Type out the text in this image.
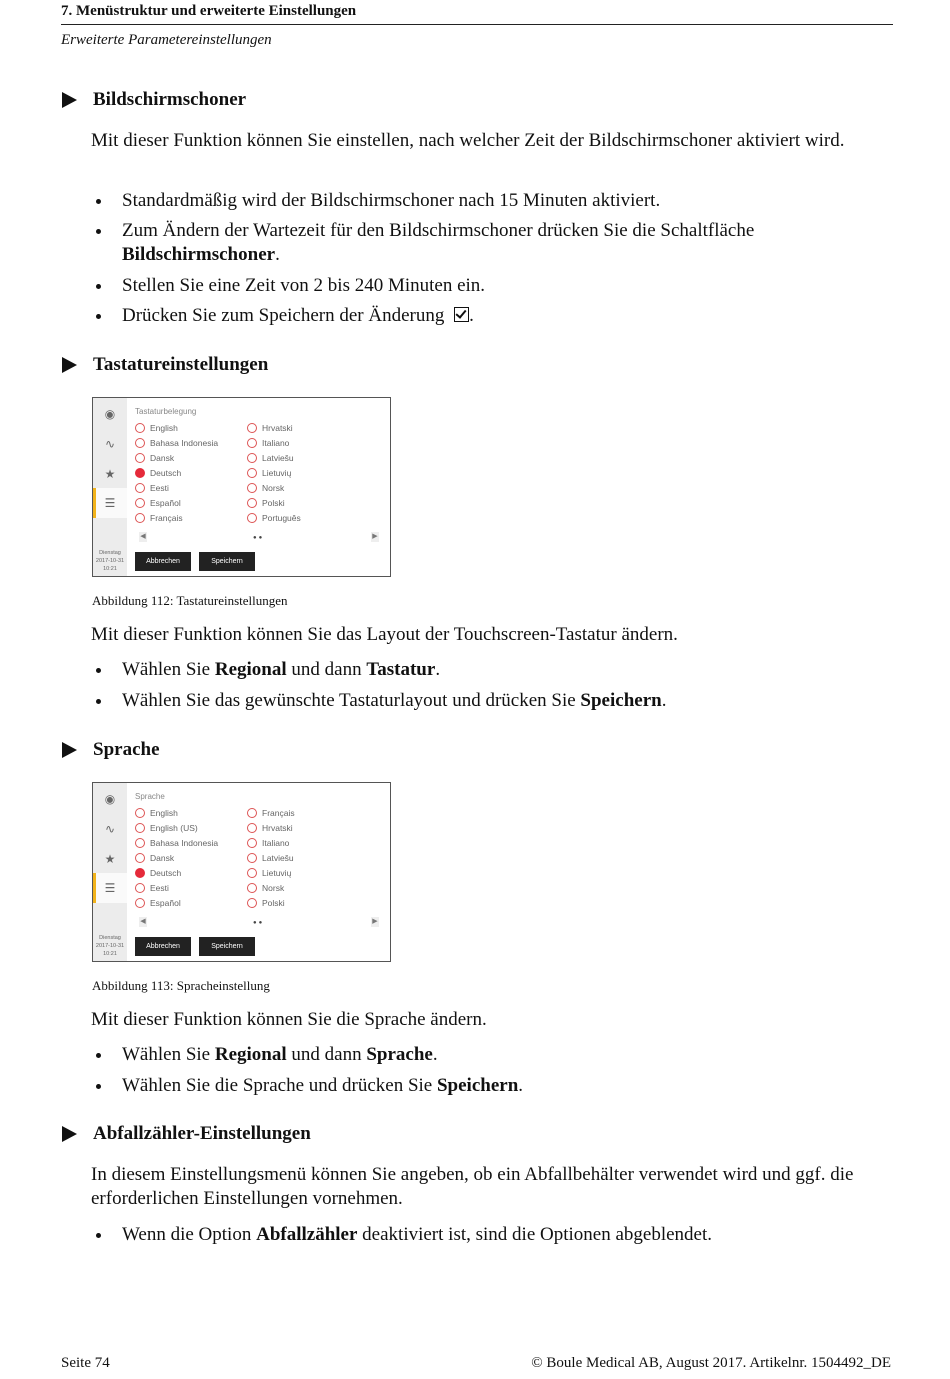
7. Menüstruktur und erweiterte Einstellungen
Erweiterte Parametereinstellungen
Bildschirmschoner
Mit dieser Funktion können Sie einstellen, nach welcher Zeit der Bildschirmschoner aktiviert wird.
Standardmäßig wird der Bildschirmschoner nach 15 Minuten aktiviert.
Zum Ändern der Wartezeit für den Bildschirmschoner drücken Sie die Schaltfläche Bildschirmschoner.
Stellen Sie eine Zeit von 2 bis 240 Minuten ein.
Drücken Sie zum Speichern der Änderung .
Tastatureinstellungen
◉
∿
★
☰
Dienstag
2017-10-31
10:21
Tastaturbelegung
English
Bahasa Indonesia
Dansk
Deutsch
Eesti
Español
Français
Hrvatski
Italiano
Latviešu
Lietuvių
Norsk
Polski
Português
◀	●●	▶
Abbrechen	Speichern
Abbildung 112: Tastatureinstellungen
Mit dieser Funktion können Sie das Layout der Touchscreen-Tastatur ändern.
Wählen Sie Regional und dann Tastatur.
Wählen Sie das gewünschte Tastaturlayout und drücken Sie Speichern.
Sprache
◉
∿
★
☰
Dienstag
2017-10-31
10:21
Sprache
English
English (US)
Bahasa Indonesia
Dansk
Deutsch
Eesti
Español
Français
Hrvatski
Italiano
Latviešu
Lietuvių
Norsk
Polski
◀	●●	▶
Abbrechen	Speichern
Abbildung 113: Spracheinstellung
Mit dieser Funktion können Sie die Sprache ändern.
Wählen Sie Regional und dann Sprache.
Wählen Sie die Sprache und drücken Sie Speichern.
Abfallzähler-Einstellungen
In diesem Einstellungsmenü können Sie angeben, ob ein Abfallbehälter verwendet wird und ggf. die erforderlichen Einstellungen vornehmen.
Wenn die Option Abfallzähler deaktiviert ist, sind die Optionen abgeblendet.
Seite 74	© Boule Medical AB, August 2017. Artikelnr. 1504492_DE
